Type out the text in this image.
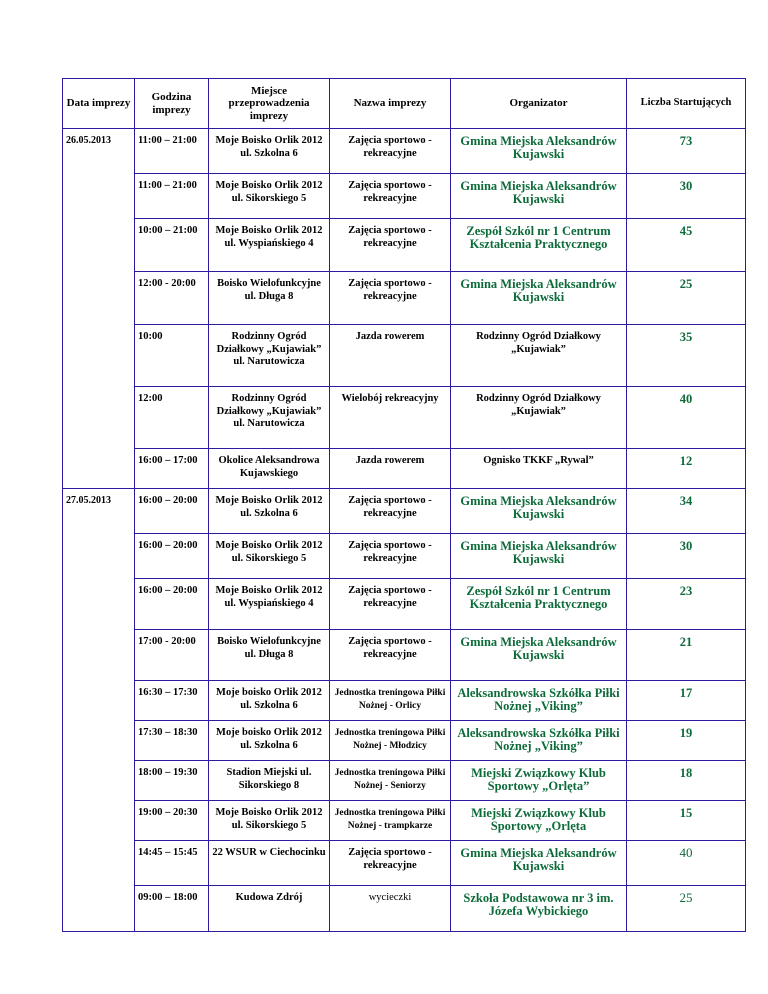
Data imprezy	Godzina imprezy	Miejsce przeprowadzenia imprezy	Nazwa imprezy	Organizator	Liczba Startujących
26.05.2013	11:00 – 21:00	Moje Boisko Orlik 2012 ul. Szkolna 6	Zajęcia sportowo - rekreacyjne	Gmina Miejska Aleksandrów Kujawski	73
	11:00 – 21:00	Moje Boisko Orlik 2012 ul. Sikorskiego 5	Zajęcia sportowo - rekreacyjne	Gmina Miejska Aleksandrów Kujawski	30
	10:00 – 21:00	Moje Boisko Orlik 2012 ul. Wyspiańskiego 4	Zajęcia sportowo - rekreacyjne	Zespół Szkól nr 1 Centrum Kształcenia Praktycznego	45
	12:00 - 20:00	Boisko Wielofunkcyjne ul. Długa 8	Zajęcia sportowo - rekreacyjne	Gmina Miejska Aleksandrów Kujawski	25
	10:00	Rodzinny Ogród Działkowy „Kujawiak” ul. Narutowicza	Jazda rowerem	Rodzinny Ogród Działkowy „Kujawiak”	35
	12:00	Rodzinny Ogród Działkowy „Kujawiak” ul. Narutowicza	Wielobój rekreacyjny	Rodzinny Ogród Działkowy „Kujawiak”	40
	16:00 – 17:00	Okolice Aleksandrowa Kujawskiego	Jazda rowerem	Ognisko TKKF „Rywal”	12
27.05.2013	16:00 – 20:00	Moje Boisko Orlik 2012 ul. Szkolna 6	Zajęcia sportowo - rekreacyjne	Gmina Miejska Aleksandrów Kujawski	34
	16:00 – 20:00	Moje Boisko Orlik 2012 ul. Sikorskiego 5	Zajęcia sportowo - rekreacyjne	Gmina Miejska Aleksandrów Kujawski	30
	16:00 – 20:00	Moje Boisko Orlik 2012 ul. Wyspiańskiego 4	Zajęcia sportowo - rekreacyjne	Zespół Szkól nr 1 Centrum Kształcenia Praktycznego	23
	17:00 - 20:00	Boisko Wielofunkcyjne ul. Długa 8	Zajęcia sportowo - rekreacyjne	Gmina Miejska Aleksandrów Kujawski	21
	16:30 – 17:30	Moje boisko Orlik 2012 ul. Szkolna 6	Jednostka treningowa Piłki Nożnej - Orlicy	Aleksandrowska Szkółka Piłki Nożnej „Viking”	17
	17:30 – 18:30	Moje boisko Orlik 2012 ul. Szkolna 6	Jednostka treningowa Piłki Nożnej - Młodzicy	Aleksandrowska Szkółka Piłki Nożnej „Viking”	19
	18:00 – 19:30	Stadion Miejski ul. Sikorskiego 8	Jednostka treningowa Piłki Nożnej - Seniorzy	Miejski Związkowy Klub Sportowy „Orlęta”	18
	19:00 – 20:30	Moje Boisko Orlik 2012 ul. Sikorskiego 5	Jednostka treningowa Piłki Nożnej - trampkarze	Miejski Związkowy Klub Sportowy „Orlęta	15
	14:45 – 15:45	22 WSUR w Ciechocinku	Zajęcia sportowo - rekreacyjne	Gmina Miejska Aleksandrów Kujawski	40
	09:00 – 18:00	Kudowa Zdrój	wycieczki	Szkoła Podstawowa nr 3 im. Józefa Wybickiego	25
